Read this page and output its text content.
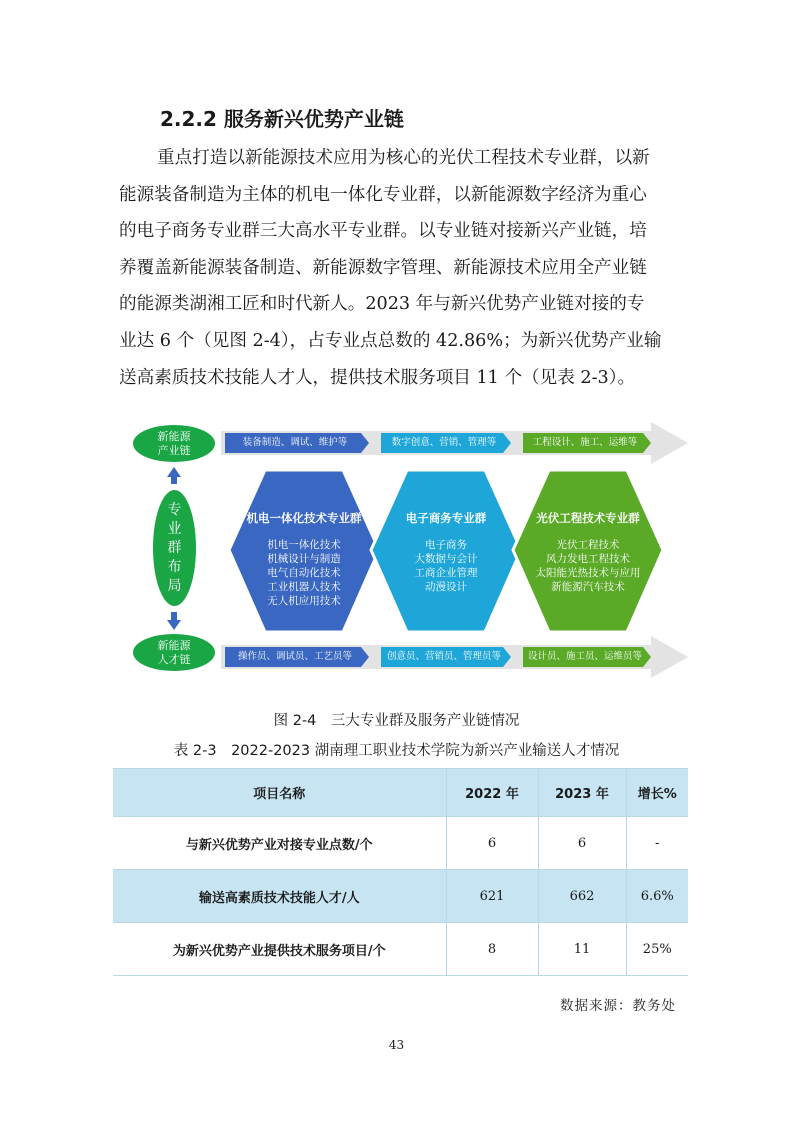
2.2.2 服务新兴优势产业链

重点打造以新能源技术应用为核心的光伏工程技术专业群，以新
能源装备制造为主体的机电一体化专业群，以新能源数字经济为重心
的电子商务专业群三大高水平专业群。以专业链对接新兴产业链，培
养覆盖新能源装备制造、新能源数字管理、新能源技术应用全产业链
的能源类湖湘工匠和时代新人。2023 年与新兴优势产业链对接的专
业达 6 个（见图 2-4），占专业点总数的 42.86%；为新兴优势产业输
送高素质技术技能人才人，提供技术服务项目 11 个（见表 2-3）。

新能源
产业链
专
业
群
布
局
新能源
人才链
装备制造、调试、维护等	数字创意、营销、管理等	工程设计、施工、运维等
机电一体化技术专业群
机电一体化技术
机械设计与制造
电气自动化技术
工业机器人技术
无人机应用技术
电子商务专业群
电子商务
大数据与会计
工商企业管理
动漫设计
光伏工程技术专业群
光伏工程技术
风力发电工程技术
太阳能光热技术与应用
新能源汽车技术
操作员、调试员、工艺员等	创意员、营销员、管理员等	设计员、施工员、运维员等

图 2-4　三大专业群及服务产业链情况

表 2-3　2022-2023 湖南理工职业技术学院为新兴产业输送人才情况

项目名称	2022 年	2023 年	增长%
与新兴优势产业对接专业点数/个	6	6	-
输送高素质技术技能人才/人	621	662	6.6%
为新兴优势产业提供技术服务项目/个	8	11	25%

数据来源：教务处

43
